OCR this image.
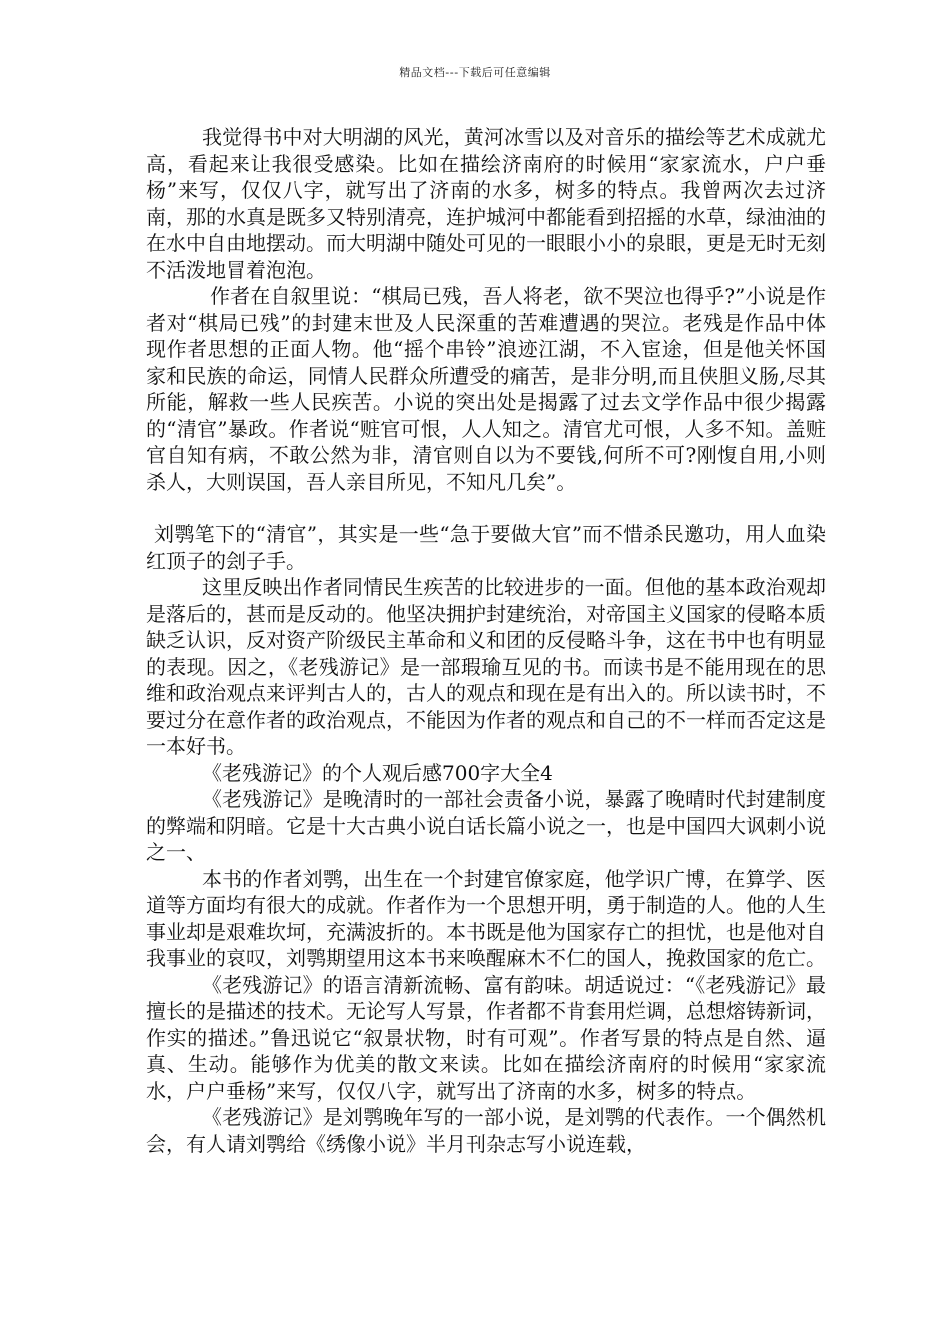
精品文档---下载后可任意编辑

我觉得书中对大明湖的风光，黄河冰雪以及对音乐的描绘等艺术成就尤高，看起来让我很受感染。比如在描绘济南府的时候用“家家流水，户户垂杨”来写，仅仅八字，就写出了济南的水多，树多的特点。我曾两次去过济南，那的水真是既多又特别清亮，连护城河中都能看到招摇的水草，绿油油的在水中自由地摆动。而大明湖中随处可见的一眼眼小小的泉眼，更是无时无刻不活泼地冒着泡泡。

作者在自叙里说：“棋局已残，吾人将老，欲不哭泣也得乎?”小说是作者对“棋局已残”的封建末世及人民深重的苦难遭遇的哭泣。老残是作品中体现作者思想的正面人物。他“摇个串铃”浪迹江湖，不入宦途，但是他关怀国家和民族的命运，同情人民群众所遭受的痛苦，是非分明,而且侠胆义肠,尽其所能，解救一些人民疾苦。小说的突出处是揭露了过去文学作品中很少揭露的“清官”暴政。作者说“赃官可恨，人人知之。清官尤可恨，人多不知。盖赃官自知有病，不敢公然为非，清官则自以为不要钱,何所不可?刚愎自用,小则杀人，大则误国，吾人亲目所见，不知凡几矣”。

刘鹗笔下的“清官”，其实是一些“急于要做大官”而不惜杀民邀功，用人血染红顶子的刽子手。

这里反映出作者同情民生疾苦的比较进步的一面。但他的基本政治观却是落后的，甚而是反动的。他坚决拥护封建统治，对帝国主义国家的侵略本质缺乏认识，反对资产阶级民主革命和义和团的反侵略斗争，这在书中也有明显的表现。因之，《老残游记》是一部瑕瑜互见的书。而读书是不能用现在的思维和政治观点来评判古人的，古人的观点和现在是有出入的。所以读书时，不要过分在意作者的政治观点，不能因为作者的观点和自己的不一样而否定这是一本好书。

《老残游记》的个人观后感700字大全4

《老残游记》是晚清时的一部社会责备小说，暴露了晚晴时代封建制度的弊端和阴暗。它是十大古典小说白话长篇小说之一，也是中国四大讽刺小说之一、

本书的作者刘鹗，出生在一个封建官僚家庭，他学识广博，在算学、医道等方面均有很大的成就。作者作为一个思想开明，勇于制造的人。他的人生事业却是艰难坎坷，充满波折的。本书既是他为国家存亡的担忧，也是他对自我事业的哀叹，刘鹗期望用这本书来唤醒麻木不仁的国人，挽救国家的危亡。

《老残游记》的语言清新流畅、富有韵味。胡适说过：“《老残游记》最擅长的是描述的技术。无论写人写景，作者都不肯套用烂调，总想熔铸新词，作实的描述。”鲁迅说它“叙景状物，时有可观”。作者写景的特点是自然、逼真、生动。能够作为优美的散文来读。比如在描绘济南府的时候用“家家流水，户户垂杨”来写，仅仅八字，就写出了济南的水多，树多的特点。

《老残游记》是刘鹗晚年写的一部小说，是刘鹗的代表作。一个偶然机会，有人请刘鹗给《绣像小说》半月刊杂志写小说连载，
